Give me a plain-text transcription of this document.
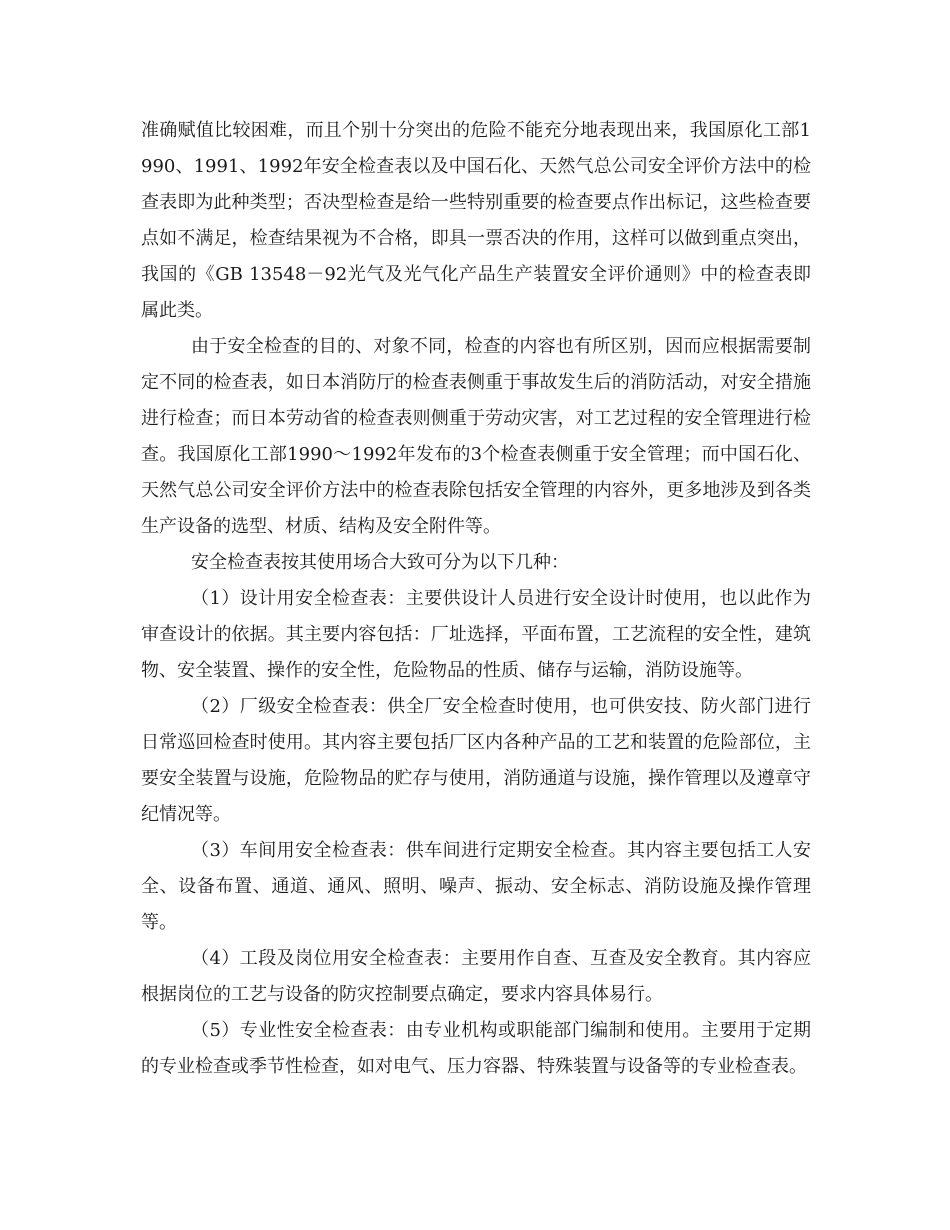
准确赋值比较困难，而且个别十分突出的危险不能充分地表现出来，我国原化工部1990、1991、1992年安全检查表以及中国石化、天然气总公司安全评价方法中的检查表即为此种类型；否决型检查是给一些特别重要的检查要点作出标记，这些检查要点如不满足，检查结果视为不合格，即具一票否决的作用，这样可以做到重点突出，我国的《GB 13548－92光气及光气化产品生产装置安全评价通则》中的检查表即属此类。

由于安全检查的目的、对象不同，检查的内容也有所区别，因而应根据需要制定不同的检查表，如日本消防厅的检查表侧重于事故发生后的消防活动，对安全措施进行检查；而日本劳动省的检查表则侧重于劳动灾害，对工艺过程的安全管理进行检查。我国原化工部1990～1992年发布的3个检查表侧重于安全管理；而中国石化、天然气总公司安全评价方法中的检查表除包括安全管理的内容外，更多地涉及到各类生产设备的选型、材质、结构及安全附件等。

安全检查表按其使用场合大致可分为以下几种：

（1）设计用安全检查表：主要供设计人员进行安全设计时使用，也以此作为审查设计的依据。其主要内容包括：厂址选择，平面布置，工艺流程的安全性，建筑物、安全装置、操作的安全性，危险物品的性质、储存与运输，消防设施等。

（2）厂级安全检查表：供全厂安全检查时使用，也可供安技、防火部门进行日常巡回检查时使用。其内容主要包括厂区内各种产品的工艺和装置的危险部位，主要安全装置与设施，危险物品的贮存与使用，消防通道与设施，操作管理以及遵章守纪情况等。

（3）车间用安全检查表：供车间进行定期安全检查。其内容主要包括工人安全、设备布置、通道、通风、照明、噪声、振动、安全标志、消防设施及操作管理等。

（4）工段及岗位用安全检查表：主要用作自查、互查及安全教育。其内容应根据岗位的工艺与设备的防灾控制要点确定，要求内容具体易行。

（5）专业性安全检查表：由专业机构或职能部门编制和使用。主要用于定期的专业检查或季节性检查，如对电气、压力容器、特殊装置与设备等的专业检查表。
